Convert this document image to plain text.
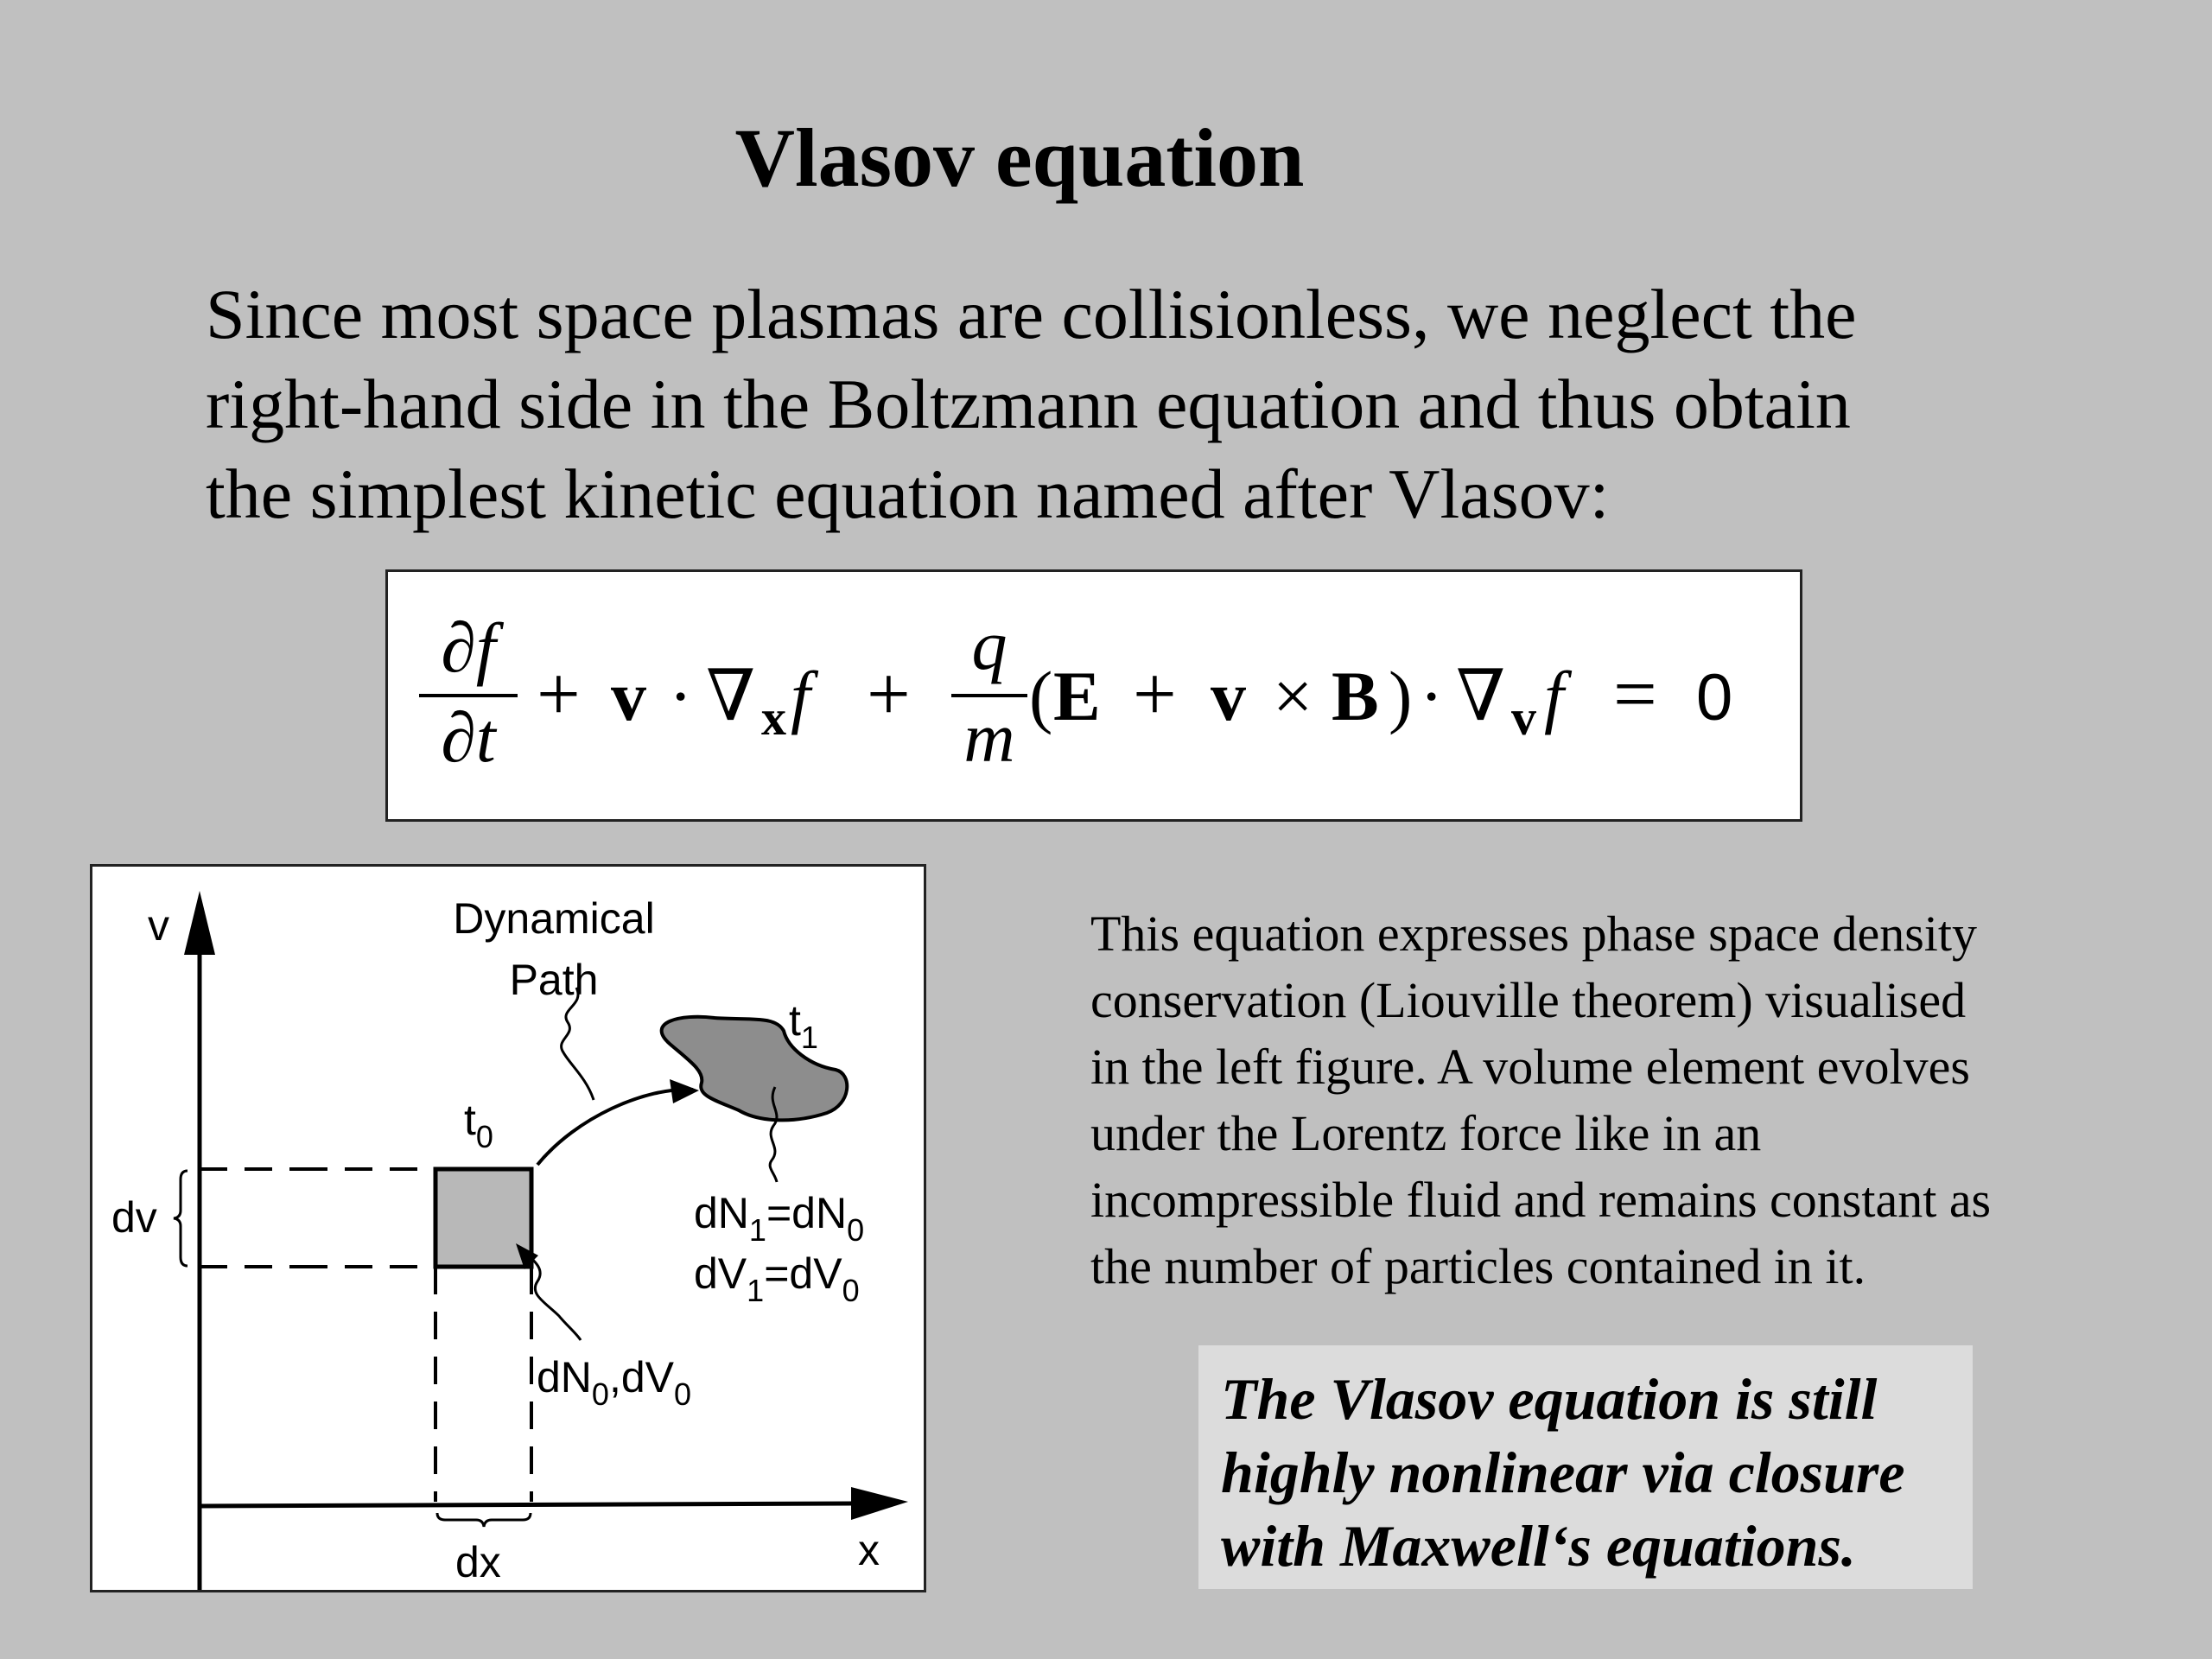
Vlasov equation

Since most space plasmas are collisionless, we neglect the

right-hand side in the Boltzmann equation and thus obtain

the simplest kinetic equation named after Vlasov:

∂f
∂t
+ v · ∇ x f +
q
m
( E + v × B ) · ∇ v f = 0
v
x
dv
dx
Dynamical
Path
$t_0$
$t_1$
$dN_1=dN_0$
$dV_1=dV_0$
$dN_0,dV_0$

This equation expresses phase space density

conservation (Liouville theorem) visualised

in the left figure. A volume element evolves

under the Lorentz force like in an

incompressible fluid and remains constant as

the number of particles contained in it.

The Vlasov equation is still

highly nonlinear via closure

with Maxwell‘s equations.
